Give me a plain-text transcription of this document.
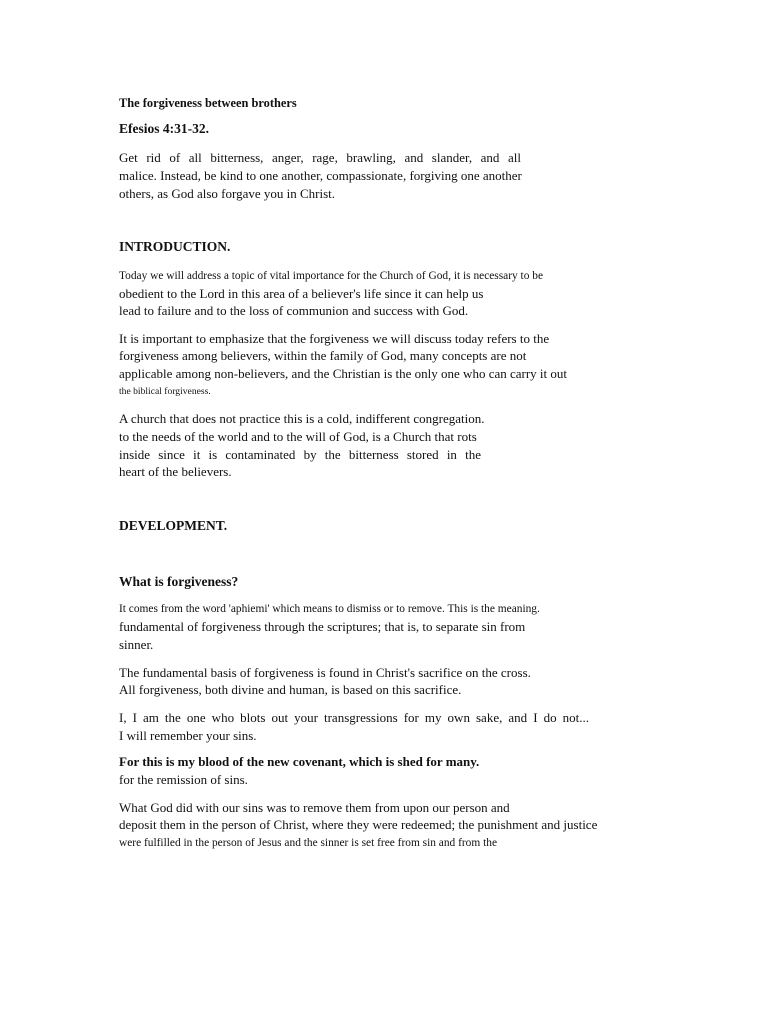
The forgiveness between brothers
Efesios 4:31-32.
Get rid of all bitterness, anger, rage, brawling, and slander, and all
malice. Instead, be kind to one another, compassionate, forgiving one another
others, as God also forgave you in Christ.
INTRODUCTION.
Today we will address a topic of vital importance for the Church of God, it is necessary to be
obedient to the Lord in this area of a believer's life since it can help us
lead to failure and to the loss of communion and success with God.
It is important to emphasize that the forgiveness we will discuss today refers to the
forgiveness among believers, within the family of God, many concepts are not
applicable among non-believers, and the Christian is the only one who can carry it out
the biblical forgiveness.
A church that does not practice this is a cold, indifferent congregation.
to the needs of the world and to the will of God, is a Church that rots
inside since it is contaminated by the bitterness stored in the
heart of the believers.
DEVELOPMENT.
What is forgiveness?
It comes from the word 'aphiemi' which means to dismiss or to remove. This is the meaning.
fundamental of forgiveness through the scriptures; that is, to separate sin from
sinner.
The fundamental basis of forgiveness is found in Christ's sacrifice on the cross.
All forgiveness, both divine and human, is based on this sacrifice.
I, I am the one who blots out your transgressions for my own sake, and I do not...
I will remember your sins.
For this is my blood of the new covenant, which is shed for many.
for the remission of sins.
What God did with our sins was to remove them from upon our person and
deposit them in the person of Christ, where they were redeemed; the punishment and justice
were fulfilled in the person of Jesus and the sinner is set free from sin and from the
